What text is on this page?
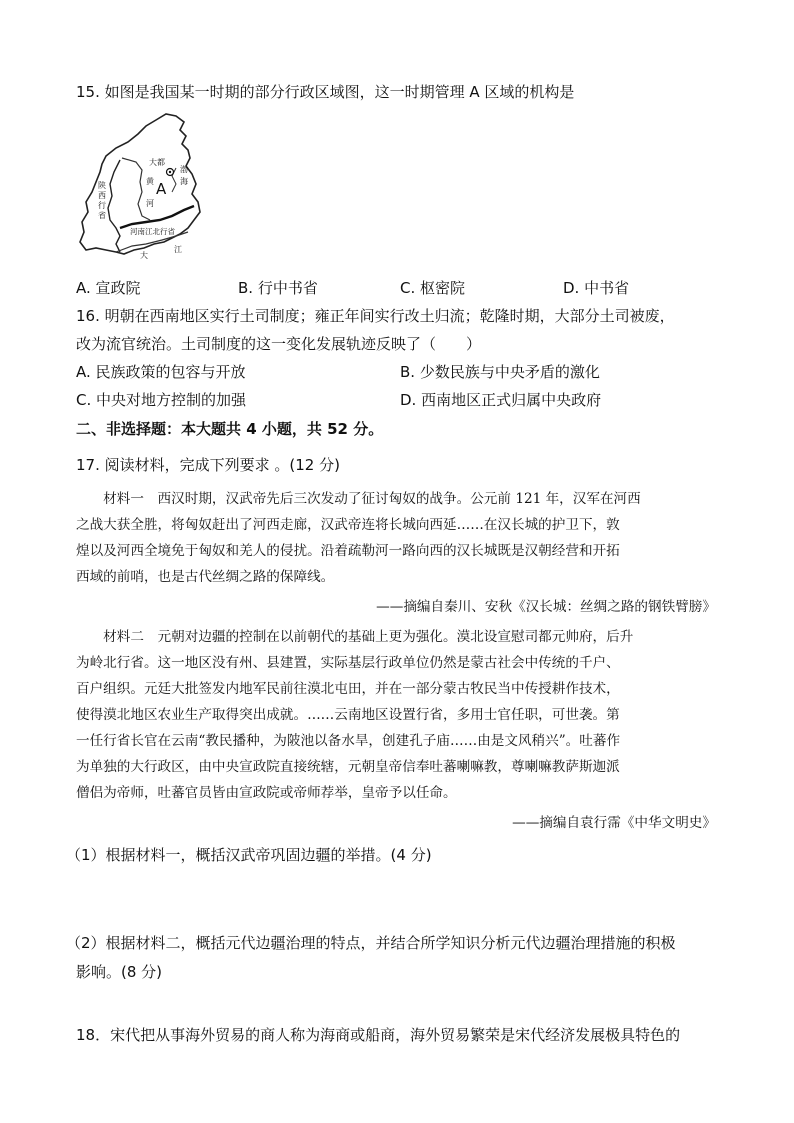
15. 如图是我国某一时期的部分行政区域图，这一时期管理 A 区域的机构是
大都
A
渤
海
黄
河
陕
西
行
省
河南江北行省
大
江
A. 宣政院	B. 行中书省	C. 枢密院	D. 中书省
16. 明朝在西南地区实行土司制度；雍正年间实行改土归流；乾隆时期，大部分土司被废，
改为流官统治。土司制度的这一变化发展轨迹反映了（　　）
A. 民族政策的包容与开放	B. 少数民族与中央矛盾的激化
C. 中央对地方控制的加强	D. 西南地区正式归属中央政府
二、非选择题：本大题共 4 小题，共 52 分。
17. 阅读材料，完成下列要求 。(12 分)
　　材料一　西汉时期，汉武帝先后三次发动了征讨匈奴的战争。公元前 121 年，汉军在河西
之战大获全胜，将匈奴赶出了河西走廊，汉武帝连将长城向西延……在汉长城的护卫下，敦
煌以及河西全境免于匈奴和羌人的侵扰。沿着疏勒河一路向西的汉长城既是汉朝经营和开拓
西域的前哨，也是古代丝绸之路的保障线。
——摘编自秦川、安秋《汉长城：丝绸之路的钢铁臂膀》
　　材料二　元朝对边疆的控制在以前朝代的基础上更为强化。漠北设宣慰司都元帅府，后升
为岭北行省。这一地区没有州、县建置，实际基层行政单位仍然是蒙古社会中传统的千户、
百户组织。元廷大批签发内地军民前往漠北屯田，并在一部分蒙古牧民当中传授耕作技术，
使得漠北地区农业生产取得突出成就。……云南地区设置行省，多用士官任职，可世袭。第
一任行省长官在云南“教民播种，为陂池以备水旱，创建孔子庙……由是文风稍兴”。吐蕃作
为单独的大行政区，由中央宣政院直接统辖，元朝皇帝信奉吐蕃喇嘛教，尊喇嘛教萨斯迦派
僧侣为帝师，吐蕃官员皆由宣政院或帝师荐举，皇帝予以任命。
——摘编自袁行霈《中华文明史》
（1）根据材料一，概括汉武帝巩固边疆的举措。(4 分)
（2）根据材料二，概括元代边疆治理的特点，并结合所学知识分析元代边疆治理措施的积极
影响。(8 分)
18．宋代把从事海外贸易的商人称为海商或船商，海外贸易繁荣是宋代经济发展极具特色的
